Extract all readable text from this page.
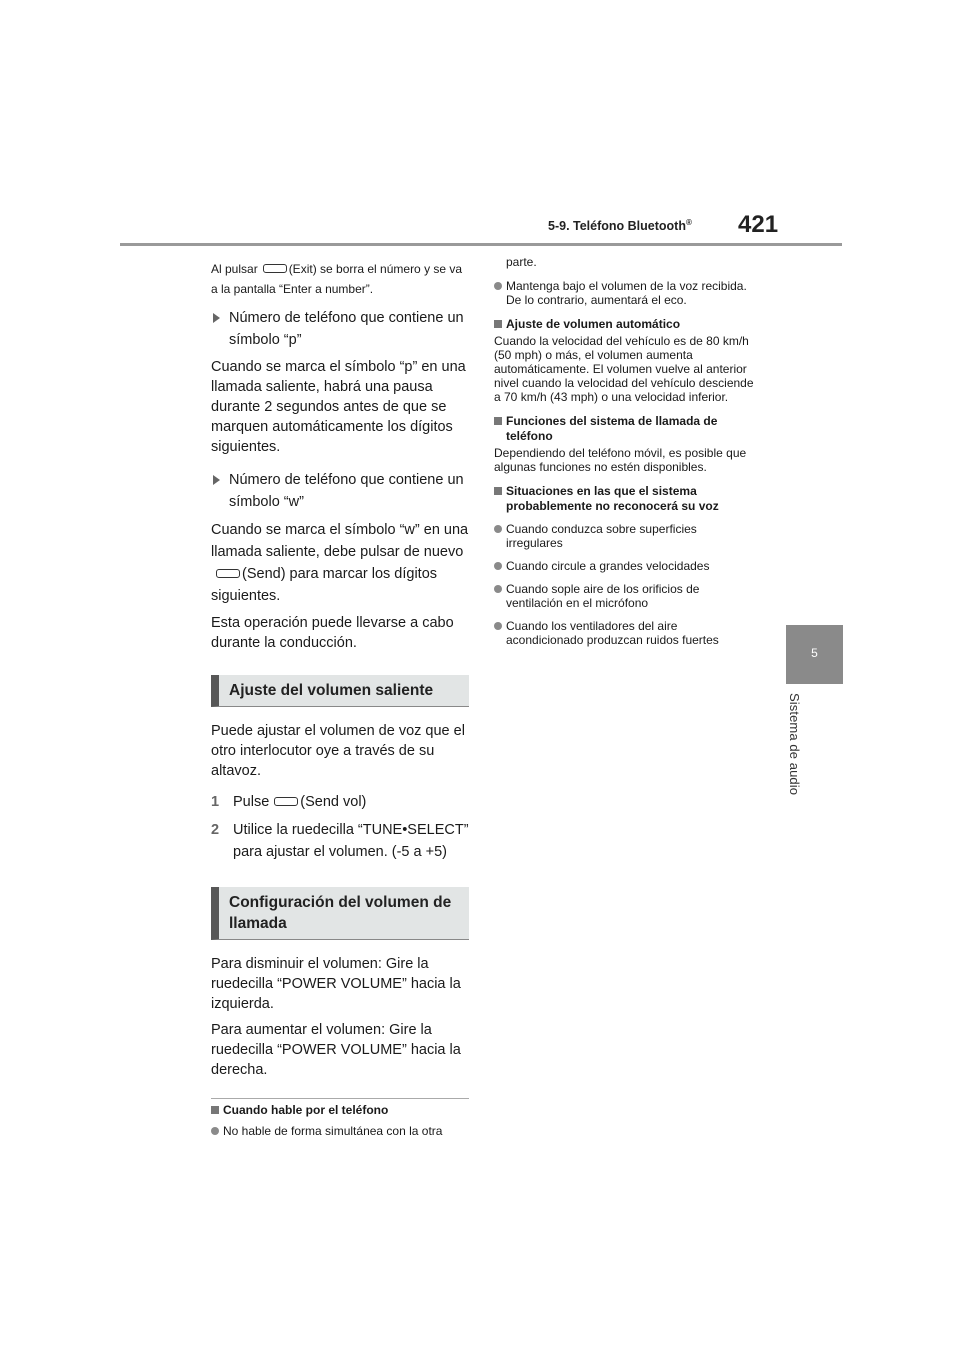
5-9. Teléfono Bluetooth® 421
5
Sistema de audio

Al pulsar	(Exit) se borra el número y se va a la pantalla “Enter a number”.

Número de teléfono que contiene un símbolo “p”

Cuando se marca el símbolo “p” en una llamada saliente, habrá una pausa durante 2 segundos antes de que se marquen automáticamente los dígitos siguientes.

Número de teléfono que contiene un símbolo “w”

Cuando se marca el símbolo “w” en una llamada saliente, debe pulsar de nuevo(Send) para marcar los dígitos siguientes.

Esta operación puede llevarse a cabo durante la conducción.

Ajuste del volumen saliente

Puede ajustar el volumen de voz que el otro interlocutor oye a través de su altavoz.

1 Pulse (Send vol)
2 Utilice la ruedecilla “TUNE•SELECT” para ajustar el volumen. (-5 a +5)
Configuración del volumen de llamada

Para disminuir el volumen: Gire la ruedecilla “POWER VOLUME” hacia la izquierda.

Para aumentar el volumen: Gire la ruedecilla “POWER VOLUME” hacia la derecha.

Cuando hable por el teléfono
No hable de forma simultánea con la otra

parte.

Mantenga bajo el volumen de la voz recibida. De lo contrario, aumentará el eco.
Ajuste de volumen automático

Cuando la velocidad del vehículo es de 80 km/h (50 mph) o más, el volumen aumenta automáticamente. El volumen vuelve al anterior nivel cuando la velocidad del vehículo desciende a 70 km/h (43 mph) o una velocidad inferior.

Funciones del sistema de llamada de teléfono

Dependiendo del teléfono móvil, es posible que algunas funciones no estén disponibles.

Situaciones en las que el sistema probablemente no reconocerá su voz
Cuando conduzca sobre superficies irregulares
Cuando circule a grandes velocidades
Cuando sople aire de los orificios de ventilación en el micrófono
Cuando los ventiladores del aire acondicionado produzcan ruidos fuertes
